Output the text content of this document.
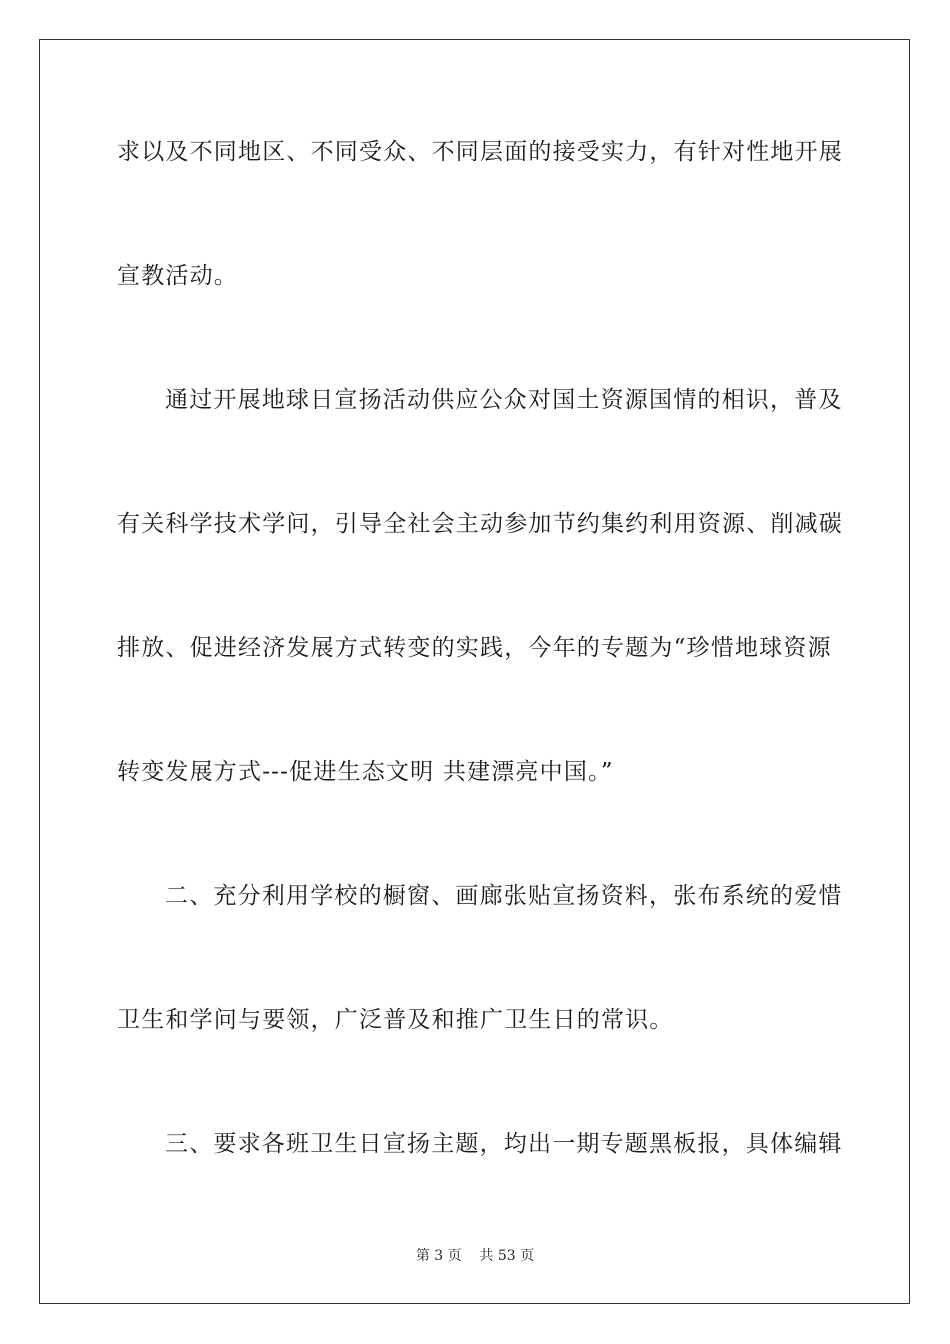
求以及不同地区、不同受众、不同层面的接受实力，有针对性地开展
宣教活动。
通过开展地球日宣扬活动供应公众对国土资源国情的相识，普及
有关科学技术学问，引导全社会主动参加节约集约利用资源、削减碳
排放、促进经济发展方式转变的实践，今年的专题为“珍惜地球资源
转变发展方式---促进生态文明 共建漂亮中国。”
二、充分利用学校的橱窗、画廊张贴宣扬资料，张布系统的爱惜
卫生和学问与要领，广泛普及和推广卫生日的常识。
三、要求各班卫生日宣扬主题，均出一期专题黑板报，具体编辑
第 3 页    共 53 页
